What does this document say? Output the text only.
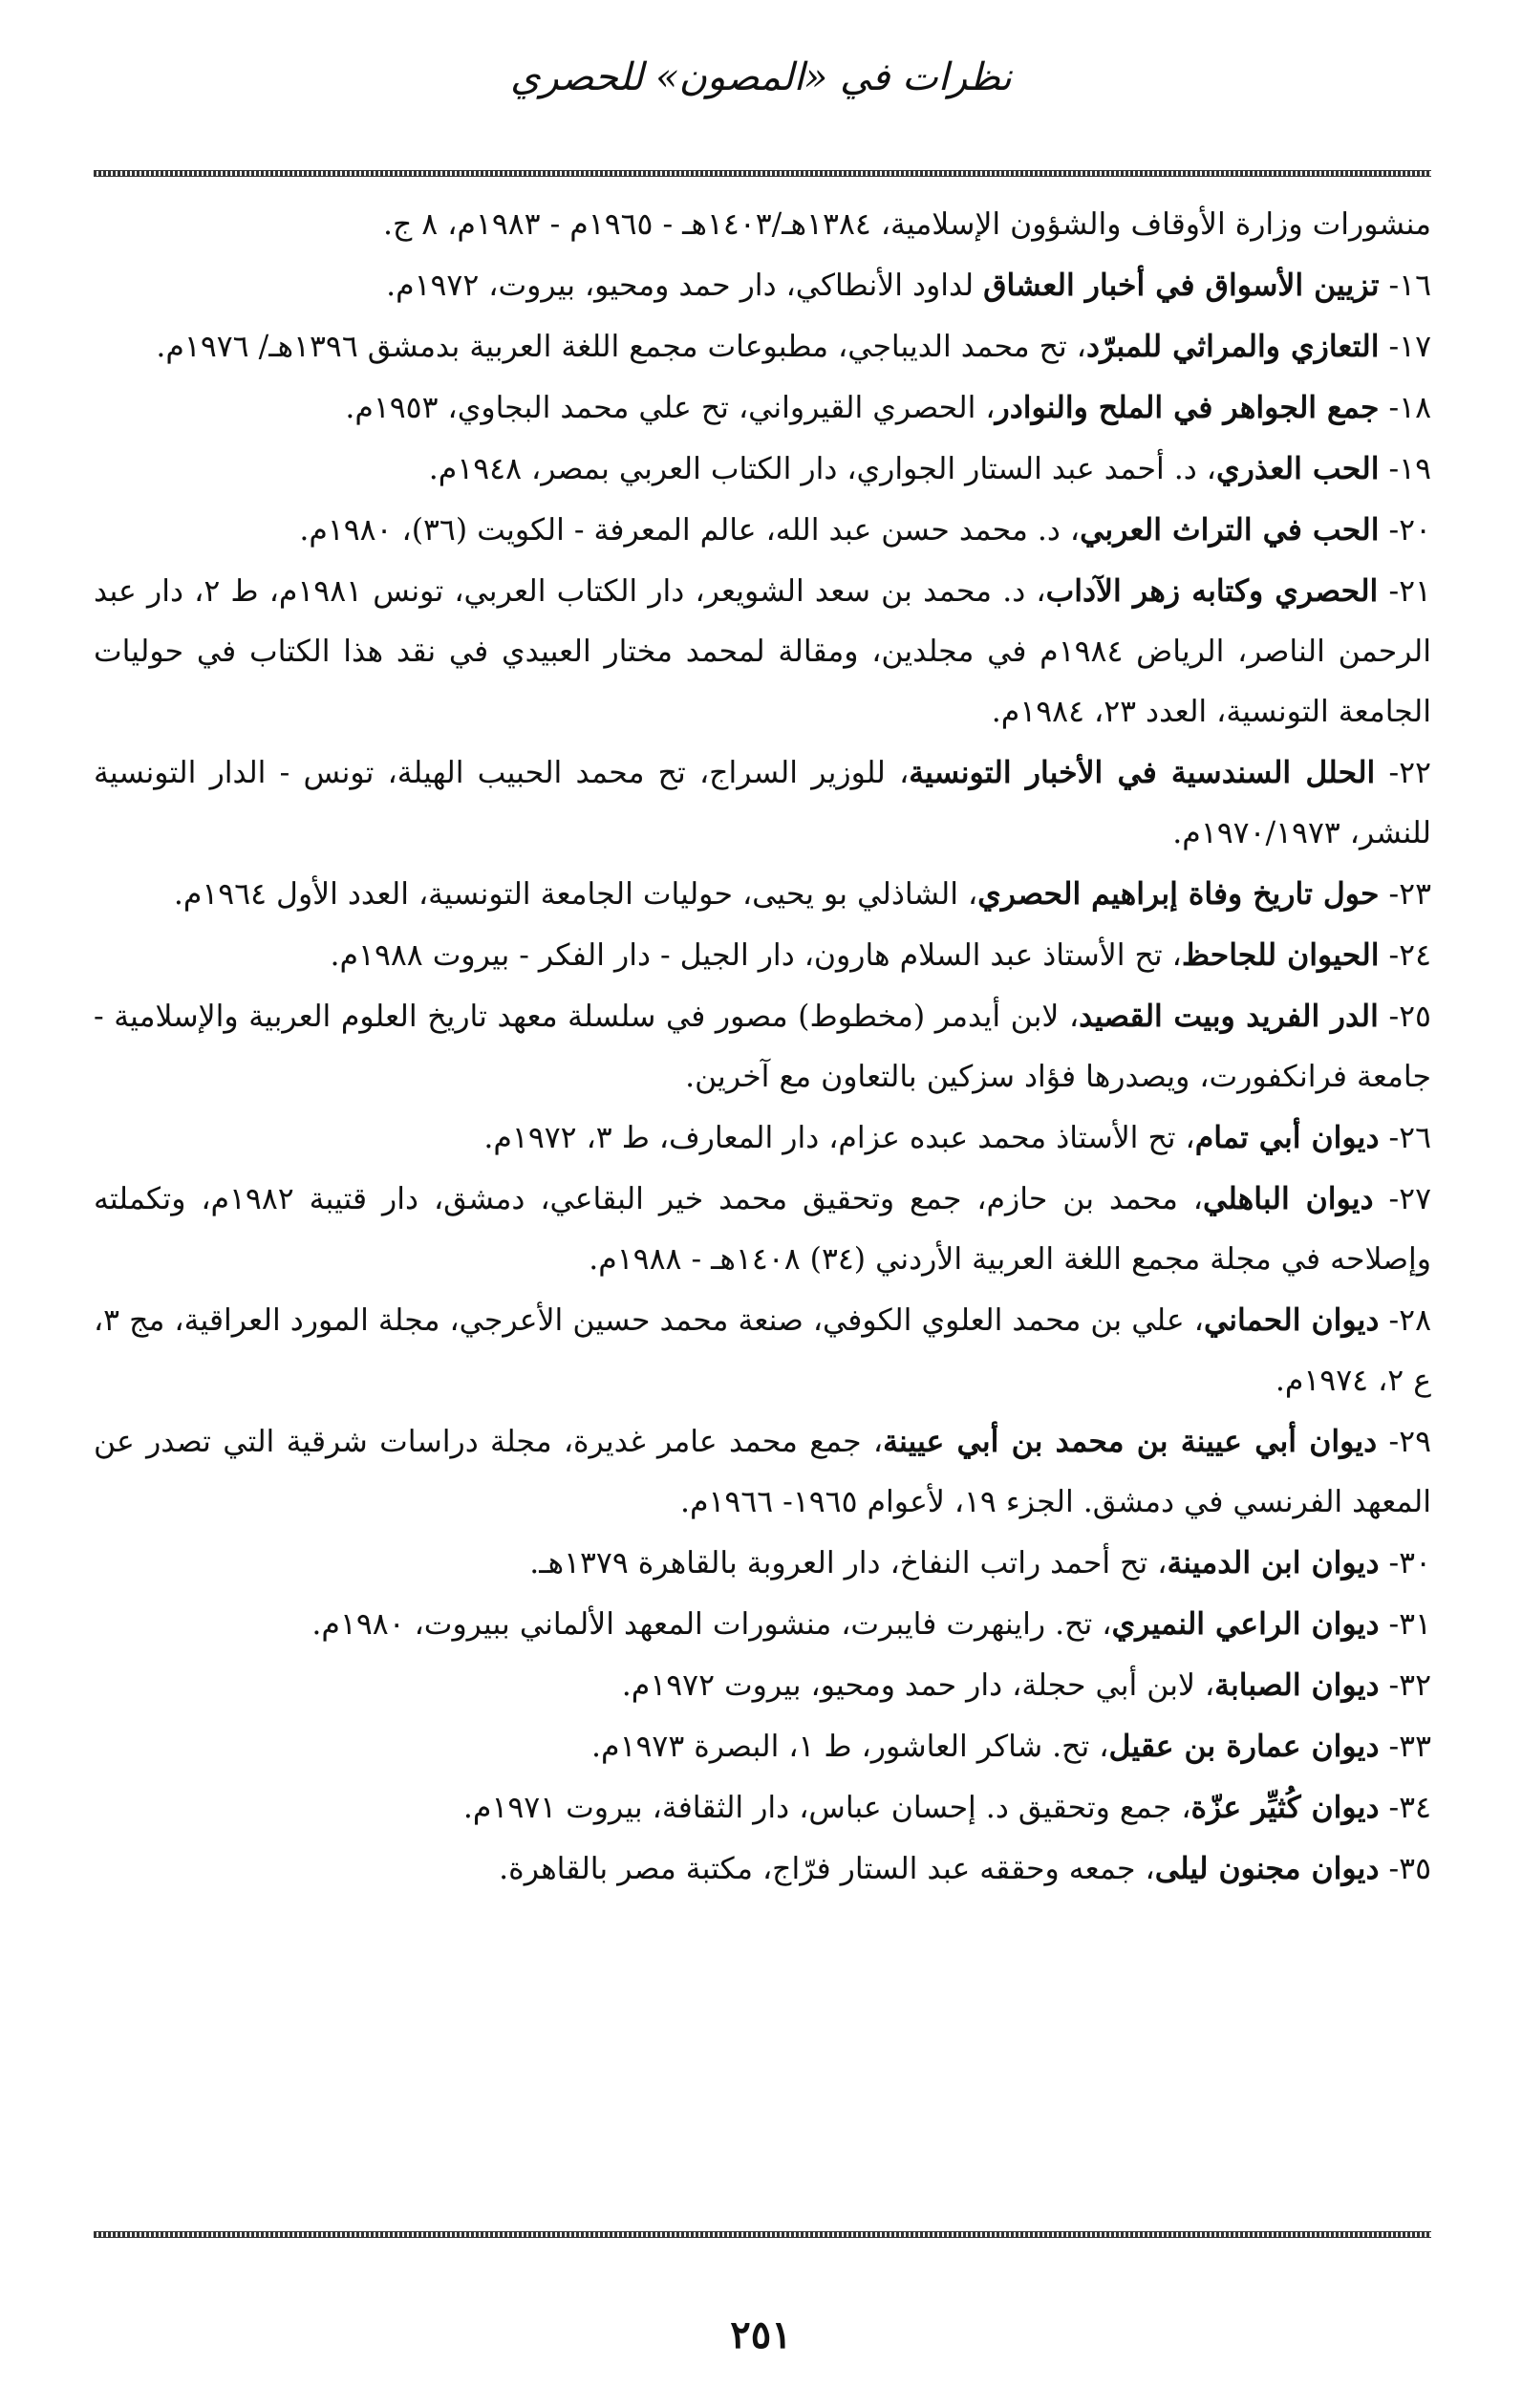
نظرات في «المصون» للحصري

منشورات وزارة الأوقاف والشؤون الإسلامية، ١٣٨٤هـ/١٤٠٣هـ - ١٩٦٥م - ١٩٨٣م، ٨ ج.

١٦- تزيين الأسواق في أخبار العشاق لداود الأنطاكي، دار حمد ومحيو، بيروت، ١٩٧٢م.

١٧- التعازي والمراثي للمبرّد، تح محمد الديباجي، مطبوعات مجمع اللغة العربية بدمشق ١٣٩٦هـ/ ١٩٧٦م.

١٨- جمع الجواهر في الملح والنوادر، الحصري القيرواني، تح علي محمد البجاوي، ١٩٥٣م.

١٩- الحب العذري، د. أحمد عبد الستار الجواري، دار الكتاب العربي بمصر، ١٩٤٨م.

٢٠- الحب في التراث العربي، د. محمد حسن عبد الله، عالم المعرفة - الكويت (٣٦)، ١٩٨٠م.

٢١- الحصري وكتابه زهر الآداب، د. محمد بن سعد الشويعر، دار الكتاب العربي، تونس ١٩٨١م، ط ٢، دار عبد الرحمن الناصر، الرياض ١٩٨٤م في مجلدين، ومقالة لمحمد مختار العبيدي في نقد هذا الكتاب في حوليات الجامعة التونسية، العدد ٢٣، ١٩٨٤م.

٢٢- الحلل السندسية في الأخبار التونسية، للوزير السراج، تح محمد الحبيب الهيلة، تونس - الدار التونسية للنشر، ١٩٧٠/١٩٧٣م.

٢٣- حول تاريخ وفاة إبراهيم الحصري، الشاذلي بو يحيى، حوليات الجامعة التونسية، العدد الأول ١٩٦٤م.

٢٤- الحيوان للجاحظ، تح الأستاذ عبد السلام هارون، دار الجيل - دار الفكر - بيروت ١٩٨٨م.

٢٥- الدر الفريد وبيت القصيد، لابن أيدمر (مخطوط) مصور في سلسلة معهد تاريخ العلوم العربية والإسلامية - جامعة فرانكفورت، ويصدرها فؤاد سزكين بالتعاون مع آخرين.

٢٦- ديوان أبي تمام، تح الأستاذ محمد عبده عزام، دار المعارف، ط ٣، ١٩٧٢م.

٢٧- ديوان الباهلي، محمد بن حازم، جمع وتحقيق محمد خير البقاعي، دمشق، دار قتيبة ١٩٨٢م، وتكملته وإصلاحه في مجلة مجمع اللغة العربية الأردني (٣٤) ١٤٠٨هـ - ١٩٨٨م.

٢٨- ديوان الحماني، علي بن محمد العلوي الكوفي، صنعة محمد حسين الأعرجي، مجلة المورد العراقية، مج ٣، ع ٢، ١٩٧٤م.

٢٩- ديوان أبي عيينة بن محمد بن أبي عيينة، جمع محمد عامر غديرة، مجلة دراسات شرقية التي تصدر عن المعهد الفرنسي في دمشق. الجزء ١٩، لأعوام ١٩٦٥- ١٩٦٦م.

٣٠- ديوان ابن الدمينة، تح أحمد راتب النفاخ، دار العروبة بالقاهرة ١٣٧٩هـ.

٣١- ديوان الراعي النميري، تح. راينهرت فايبرت، منشورات المعهد الألماني ببيروت، ١٩٨٠م.

٣٢- ديوان الصبابة، لابن أبي حجلة، دار حمد ومحيو، بيروت ١٩٧٢م.

٣٣- ديوان عمارة بن عقيل، تح. شاكر العاشور، ط ١، البصرة ١٩٧٣م.

٣٤- ديوان كُثيِّر عزّة، جمع وتحقيق د. إحسان عباس، دار الثقافة، بيروت ١٩٧١م.

٣٥- ديوان مجنون ليلى، جمعه وحققه عبد الستار فرّاج، مكتبة مصر بالقاهرة.

٢٥١
